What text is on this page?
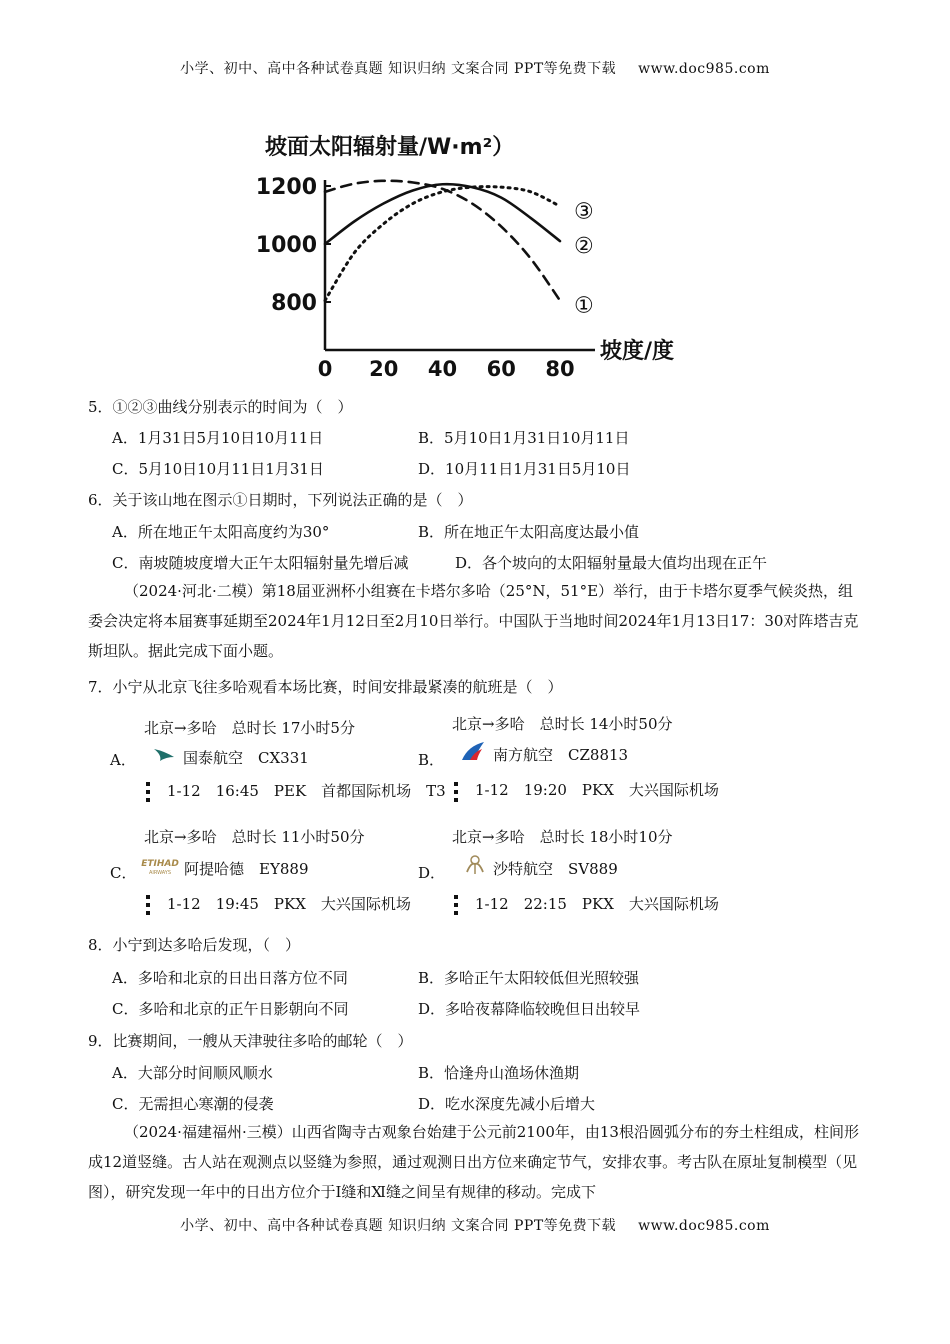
小学、初中、高中各种试卷真题 知识归纳 文案合同 PPT等免费下载 www.doc985.com
坡面太阳辐射量/W·m²）
1200
1000
800
0 20 40 60 80
①
②
③
坡度/度
5．①②③曲线分别表示的时间为（　）
A．1月31日5月10日10月11日	B．5月10日1月31日10月11日
C．5月10日10月11日1月31日	D．10月11日1月31日5月10日
6．关于该山地在图示①日期时，下列说法正确的是（　）
A．所在地正午太阳高度约为30°	B．所在地正午太阳高度达最小值
C．南坡随坡度增大正午太阳辐射量先增后减	D．各个坡向的太阳辐射量最大值均出现在正午
（2024·河北·二模）第18届亚洲杯小组赛在卡塔尔多哈（25°N，51°E）举行，由于卡塔尔夏季气候炎热，组委会决定将本届赛事延期至2024年1月12日至2月10日举行。中国队于当地时间2024年1月13日17：30对阵塔吉克斯坦队。据此完成下面小题。
7．小宁从北京飞往多哈观看本场比赛，时间安排最紧凑的航班是（　）
北京→多哈　总时长 17小时5分
A．	国泰航空　CX331
1-12　16:45　PEK　首都国际机场　T3
北京→多哈　总时长 14小时50分
B．	南方航空　CZ8813
1-12　19:20　PKX　大兴国际机场
北京→多哈　总时长 11小时50分
C． ETIHAD
AIRWAYS 阿提哈德　EY889
1-12　19:45　PKX　大兴国际机场
北京→多哈　总时长 18小时10分
D．	沙特航空　SV889
1-12　22:15　PKX　大兴国际机场
8．小宁到达多哈后发现，（　）
A．多哈和北京的日出日落方位不同	B．多哈正午太阳较低但光照较强
C．多哈和北京的正午日影朝向不同	D．多哈夜幕降临较晚但日出较早
9．比赛期间，一艘从天津驶往多哈的邮轮（　）
A．大部分时间顺风顺水	B．恰逢舟山渔场休渔期
C．无需担心寒潮的侵袭	D．吃水深度先减小后增大
（2024·福建福州·三模）山西省陶寺古观象台始建于公元前2100年，由13根沿圆弧分布的夯土柱组成，柱间形成12道竖缝。古人站在观测点以竖缝为参照，通过观测日出方位来确定节气，安排农事。考古队在原址复制模型（见图），研究发现一年中的日出方位介于Ⅰ缝和Ⅺ缝之间呈有规律的移动。完成下
小学、初中、高中各种试卷真题 知识归纳 文案合同 PPT等免费下载 www.doc985.com
